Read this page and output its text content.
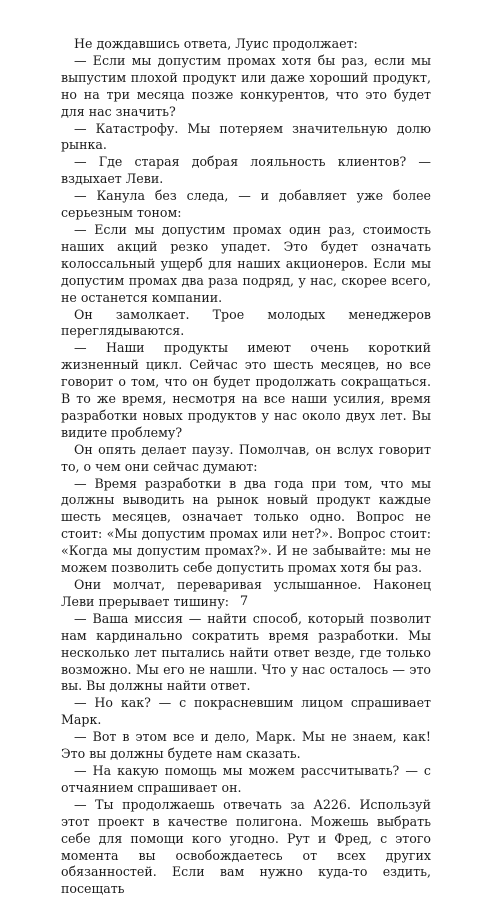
Не дождавшись ответа, Луис продолжает:

— Если мы допустим промах хотя бы раз, если мы выпустим плохой продукт или даже хороший продукт, но на три месяца позже конкурентов, что это будет для нас значить?

— Катастрофу. Мы потеряем значительную долю рынка.

— Где старая добрая лояльность клиентов? — вздыхает Леви.

— Канула без следа, — и добавляет уже более серьезным тоном:

— Если мы допустим промах один раз, стоимость наших акций резко упадет. Это будет означать колоссальный ущерб для наших акционеров. Если мы допустим промах два раза подряд, у нас, скорее всего, не останется компании.

Он замолкает. Трое молодых менеджеров переглядываются.

— Наши продукты имеют очень короткий жизненный цикл. Сейчас это шесть месяцев, но все говорит о том, что он будет продолжать сокращаться. В то же время, несмотря на все наши усилия, время разработки новых продуктов у нас около двух лет. Вы видите проблему?

Он опять делает паузу. Помолчав, он вслух говорит то, о чем они сейчас думают:

— Время разработки в два года при том, что мы должны выводить на рынок новый продукт каждые шесть месяцев, означает только одно. Вопрос не стоит: «Мы допустим промах или нет?». Вопрос стоит: «Когда мы допустим промах?». И не забывайте: мы не можем позволить себе допустить промах хотя бы раз.

Они молчат, переваривая услышанное. Наконец Леви прерывает тишину:

— Ваша миссия — найти способ, который позволит нам кардинально сократить время разработки. Мы несколько лет пытались найти ответ везде, где только возможно. Мы его не нашли. Что у нас осталось — это вы. Вы должны найти ответ.

— Но как? — с покрасневшим лицом спрашивает Марк.

— Вот в этом все и дело, Марк. Мы не знаем, как! Это вы должны будете нам сказать.

— На какую помощь мы можем рассчитывать? — с отчаянием спрашивает он.

— Ты продолжаешь отвечать за А226. Используй этот проект в качестве полигона. Можешь выбрать себе для помощи кого угодно. Рут и Фред, с этого момента вы освобождаетесь от всех других обязанностей. Если вам нужно куда-то ездить, посещать

7
